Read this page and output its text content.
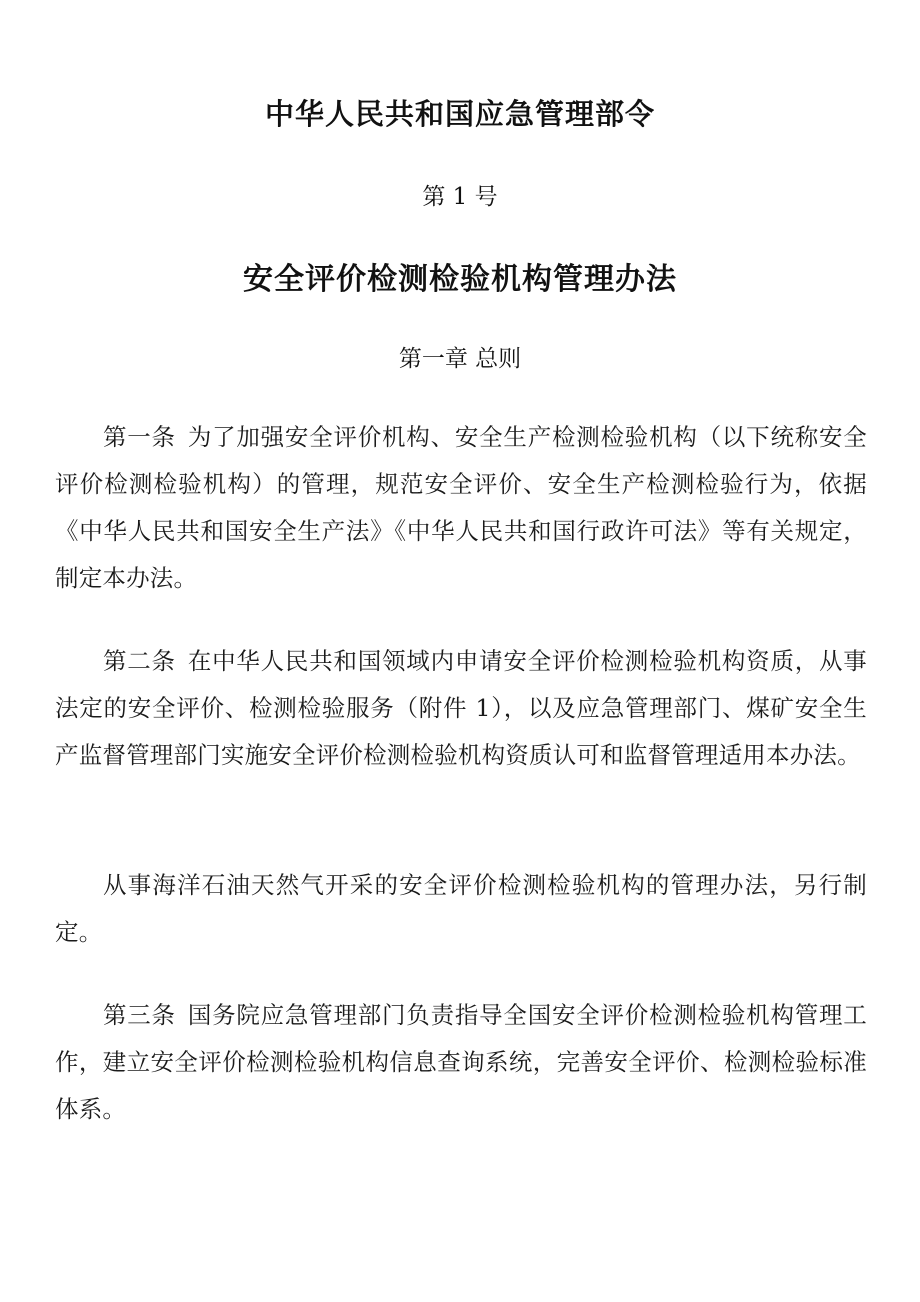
中华人民共和国应急管理部令
第 1 号
安全评价检测检验机构管理办法
第一章 总则
第一条 为了加强安全评价机构、安全生产检测检验机构（以下统称安全评价检测检验机构）的管理，规范安全评价、安全生产检测检验行为，依据《中华人民共和国安全生产法》《中华人民共和国行政许可法》等有关规定，制定本办法。
第二条 在中华人民共和国领域内申请安全评价检测检验机构资质，从事法定的安全评价、检测检验服务（附件 1），以及应急管理部门、煤矿安全生产监督管理部门实施安全评价检测检验机构资质认可和监督管理适用本办法。
从事海洋石油天然气开采的安全评价检测检验机构的管理办法，另行制定。
第三条 国务院应急管理部门负责指导全国安全评价检测检验机构管理工作，建立安全评价检测检验机构信息查询系统，完善安全评价、检测检验标准体系。
